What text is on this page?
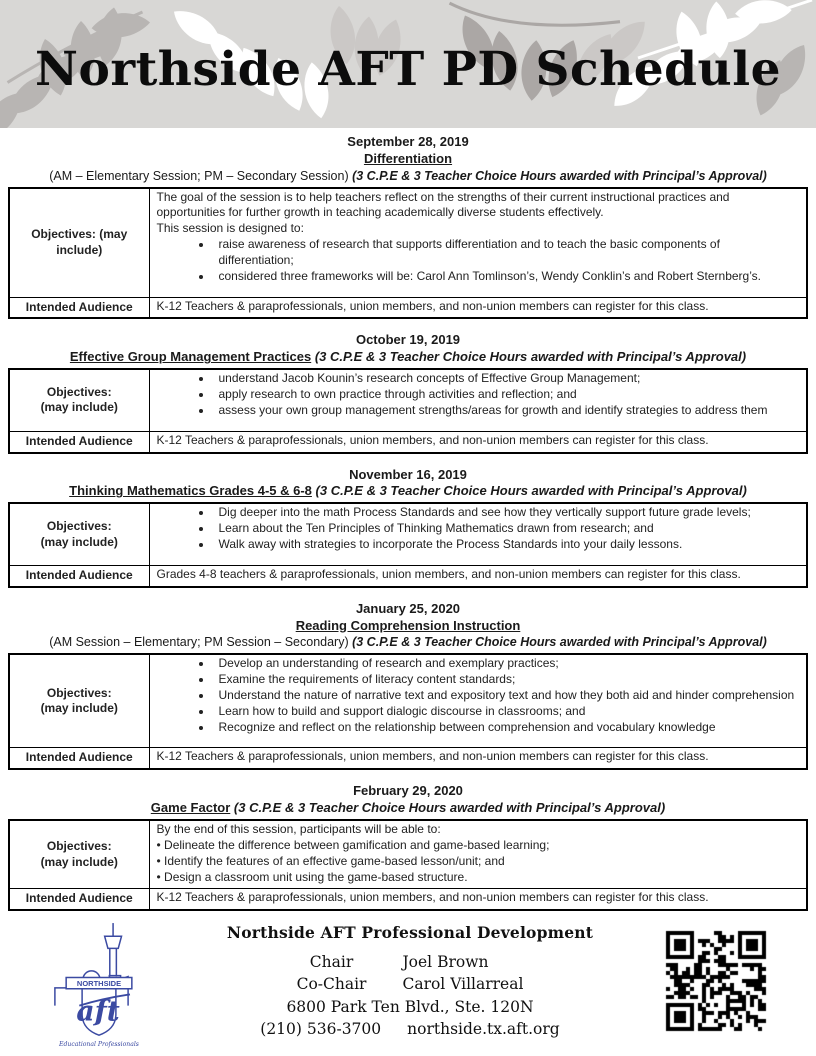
Northside AFT PD Schedule
September 28, 2019
Differentiation
(AM – Elementary Session; PM – Secondary Session) (3 C.P.E & 3 Teacher Choice Hours awarded with Principal’s Approval)
Objectives: (may include)	
The goal of the session is to help teachers reflect on the strengths of their current instructional practices and opportunities for further growth in teaching academically diverse students effectively.
This session is designed to:
• raise awareness of research that supports differentiation and to teach the basic components of differentiation;
• considered three frameworks will be: Carol Ann Tomlinson’s, Wendy Conklin’s and Robert Sternberg’s.

Intended Audience	K-12 Teachers & paraprofessionals, union members, and non-union members can register for this class.
October 19, 2019
Effective Group Management Practices (3 C.P.E & 3 Teacher Choice Hours awarded with Principal’s Approval)
Objectives:
(may include)

• understand Jacob Kounin’s research concepts of Effective Group Management;
• apply research to own practice through activities and reflection; and
• assess your own group management strengths/areas for growth and identify strategies to address them

Intended Audience	K-12 Teachers & paraprofessionals, union members, and non-union members can register for this class.
November 16, 2019
Thinking Mathematics Grades 4-5 & 6-8 (3 C.P.E & 3 Teacher Choice Hours awarded with Principal’s Approval)
Objectives:
(may include)

• Dig deeper into the math Process Standards and see how they vertically support future grade levels;
• Learn about the Ten Principles of Thinking Mathematics drawn from research; and
• Walk away with strategies to incorporate the Process Standards into your daily lessons.

Intended Audience	Grades 4-8 teachers & paraprofessionals, union members, and non-union members can register for this class.
January 25, 2020
Reading Comprehension Instruction
(AM Session – Elementary; PM Session – Secondary) (3 C.P.E & 3 Teacher Choice Hours awarded with Principal’s Approval)
Objectives:
(may include)

• Develop an understanding of research and exemplary practices;
• Examine the requirements of literacy content standards;
• Understand the nature of narrative text and expository text and how they both aid and hinder comprehension
• Learn how to build and support dialogic discourse in classrooms; and
• Recognize and reflect on the relationship between comprehension and vocabulary knowledge

Intended Audience	K-12 Teachers & paraprofessionals, union members, and non-union members can register for this class.
February 29, 2020
Game Factor (3 C.P.E & 3 Teacher Choice Hours awarded with Principal’s Approval)
Objectives:
(may include)

By the end of this session, participants will be able to:
• Delineate the difference between gamification and game-based learning;
• Identify the features of an effective game-based lesson/unit; and
• Design a classroom unit using the game-based structure.

Intended Audience	K-12 Teachers & paraprofessionals, union members, and non-union members can register for this class.
NORTHSIDE
aft
Educational Professionals
Northside AFT Professional Development
Chair	Joel Brown
Co-Chair Carol Villarreal
6800 Park Ten Blvd., Ste. 120N
(210) 536-3700 northside.tx.aft.org
